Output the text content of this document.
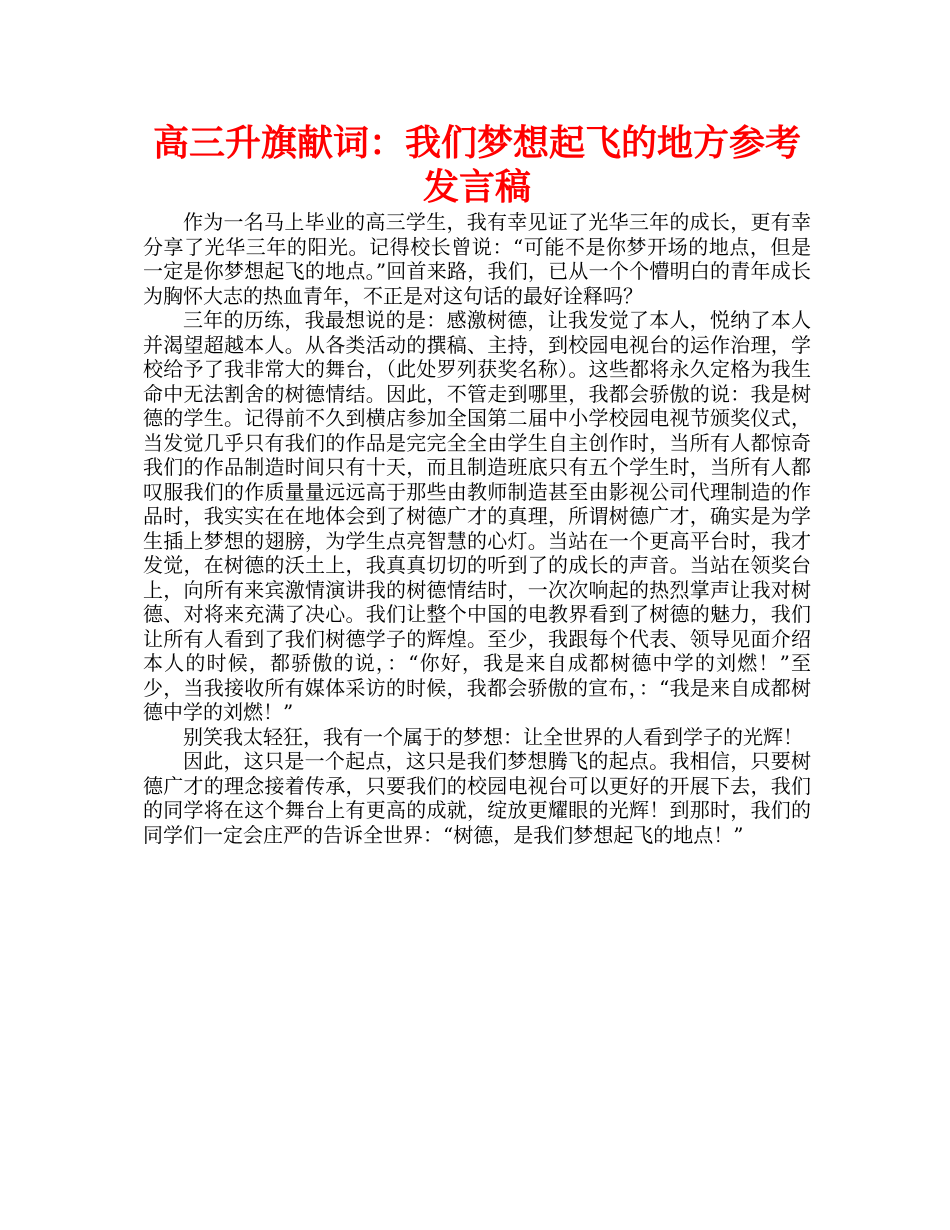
高三升旗献词：我们梦想起飞的地方参考发言稿

作为一名马上毕业的高三学生，我有幸见证了光华三年的成长，更有幸分享了光华三年的阳光。记得校长曾说：“可能不是你梦开场的地点，但是一定是你梦想起飞的地点。”回首来路，我们，已从一个个懵明白的青年成长为胸怀大志的热血青年，不正是对这句话的最好诠释吗？

三年的历练，我最想说的是：感激树德，让我发觉了本人，悦纳了本人并渴望超越本人。从各类活动的撰稿、主持，到校园电视台的运作治理，学校给予了我非常大的舞台，（此处罗列获奖名称）。这些都将永久定格为我生命中无法割舍的树德情结。因此，不管走到哪里，我都会骄傲的说：我是树德的学生。记得前不久到横店参加全国第二届中小学校园电视节颁奖仪式，当发觉几乎只有我们的作品是完完全全由学生自主创作时，当所有人都惊奇我们的作品制造时间只有十天，而且制造班底只有五个学生时，当所有人都叹服我们的作质量量远远高于那些由教师制造甚至由影视公司代理制造的作品时，我实实在在地体会到了树德广才的真理，所谓树德广才，确实是为学生插上梦想的翅膀，为学生点亮智慧的心灯。当站在一个更高平台时，我才发觉，在树德的沃土上，我真真切切的听到了的成长的声音。当站在领奖台上，向所有来宾激情演讲我的树德情结时，一次次响起的热烈掌声让我对树德、对将来充满了决心。我们让整个中国的电教界看到了树德的魅力，我们让所有人看到了我们树德学子的辉煌。至少，我跟每个代表、领导见面介绍本人的时候，都骄傲的说，：“你好，我是来自成都树德中学的刘燃！”至少，当我接收所有媒体采访的时候，我都会骄傲的宣布，：“我是来自成都树德中学的刘燃！”

别笑我太轻狂，我有一个属于的梦想：让全世界的人看到学子的光辉！

因此，这只是一个起点，这只是我们梦想腾飞的起点。我相信，只要树德广才的理念接着传承，只要我们的校园电视台可以更好的开展下去，我们的同学将在这个舞台上有更高的成就，绽放更耀眼的光辉！到那时，我们的同学们一定会庄严的告诉全世界：“树德，是我们梦想起飞的地点！”
